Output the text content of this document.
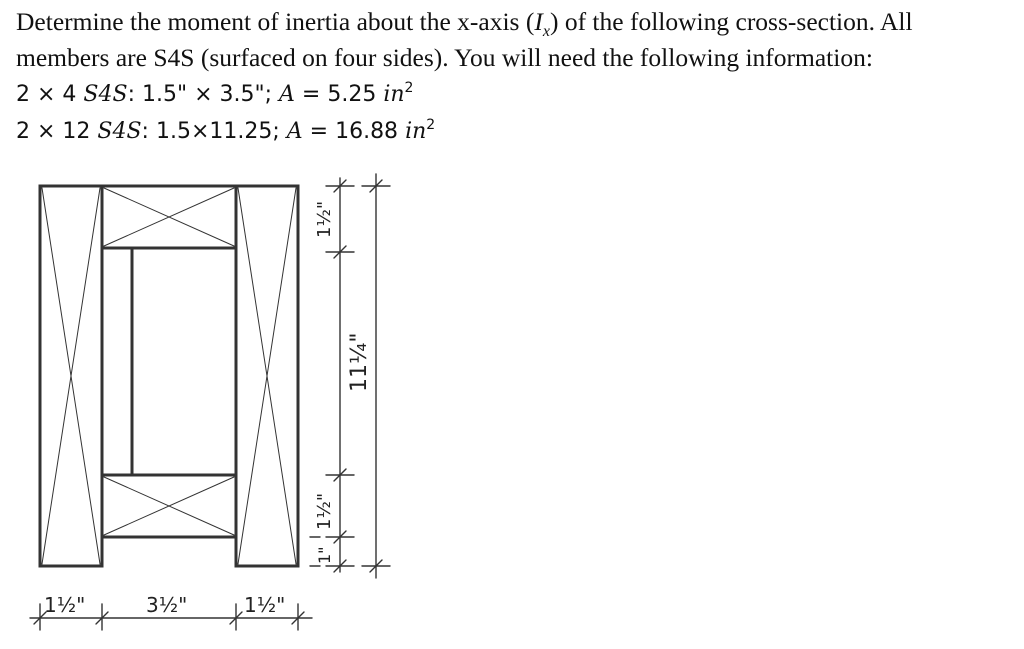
Determine the moment of inertia about the x-axis $(I_x)$ of the following cross-section. All
members are S4S (surfaced on four sides). You will need the following information:
2 × 4 S4S: 1.5" × 3.5"; A = 5.25 $in^2$
2 × 12 S4S: 1.5×11.25; A = 16.88 $in^2$
1½"	3½"	1½"
1½"
1½"
1"
11¼"
